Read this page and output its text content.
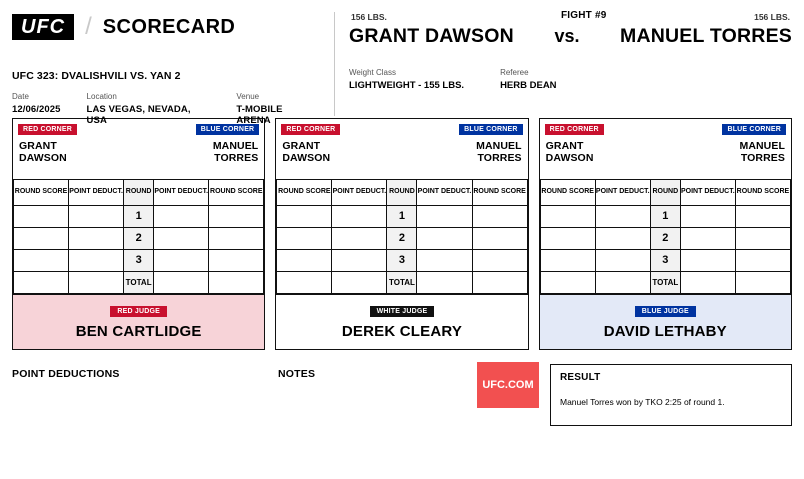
UFC / SCORECARD
UFC 323: DVALISHVILI VS. YAN 2
Date
12/06/2025
Location
LAS VEGAS, NEVADA, USA
Venue
T-MOBILE ARENA
156 LBS.	156 LBS.
FIGHT #9
GRANT DAWSON vs. MANUEL TORRES
Weight Class
LIGHTWEIGHT - 155 LBS.
Referee
HERB DEAN
RED CORNER	BLUE CORNER
GRANT
DAWSON
MANUEL
TORRES
ROUND SCORE	POINT DEDUCT.	ROUND	POINT DEDUCT.	ROUND SCORE
		1		
		2		
		3		
		TOTAL		
RED JUDGE
BEN CARTLIDGE
RED CORNER	BLUE CORNER
GRANT
DAWSON
MANUEL
TORRES
ROUND SCORE	POINT DEDUCT.	ROUND	POINT DEDUCT.	ROUND SCORE
		1		
		2		
		3		
		TOTAL		
WHITE JUDGE
DEREK CLEARY
RED CORNER	BLUE CORNER
GRANT
DAWSON
MANUEL
TORRES
ROUND SCORE	POINT DEDUCT.	ROUND	POINT DEDUCT.	ROUND SCORE
		1		
		2		
		3		
		TOTAL		
BLUE JUDGE
DAVID LETHABY
POINT DEDUCTIONS	NOTES
UFC.COM
RESULT
Manuel Torres won by TKO 2:25 of round 1.
